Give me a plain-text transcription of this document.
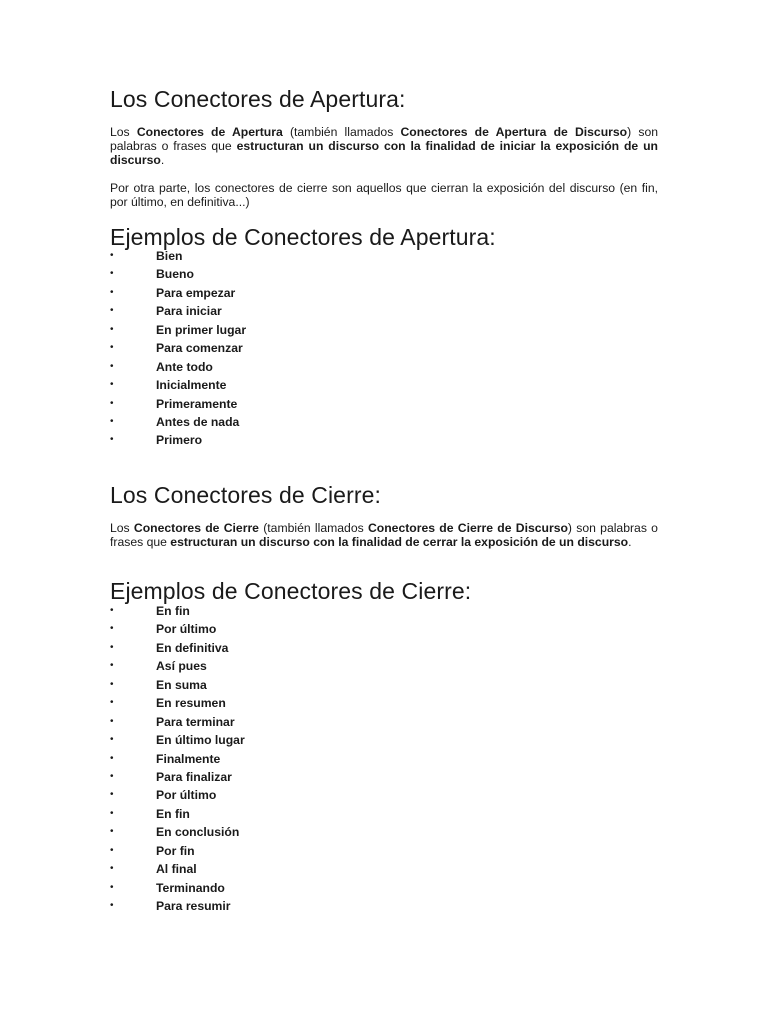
Los Conectores de Apertura:

Los Conectores de Apertura (también llamados Conectores de Apertura de Discurso) son palabras o frases que estructuran un discurso con la finalidad de iniciar la exposición de un discurso.

Por otra parte, los conectores de cierre son aquellos que cierran la exposición del discurso (en fin, por último, en definitiva...)

Ejemplos de Conectores de Apertura:
•	Bien
•	Bueno
•	Para empezar
•	Para iniciar
•	En primer lugar
•	Para comenzar
•	Ante todo
•	Inicialmente
•	Primeramente
•	Antes de nada
•	Primero
Los Conectores de Cierre:

Los Conectores de Cierre (también llamados Conectores de Cierre de Discurso) son palabras o frases que estructuran un discurso con la finalidad de cerrar la exposición de un discurso.

Ejemplos de Conectores de Cierre:
•	En fin
•	Por último
•	En definitiva
•	Así pues
•	En suma
•	En resumen
•	Para terminar
•	En último lugar
•	Finalmente
•	Para finalizar
•	Por último
•	En fin
•	En conclusión
•	Por fin
•	Al final
•	Terminando
•	Para resumir
